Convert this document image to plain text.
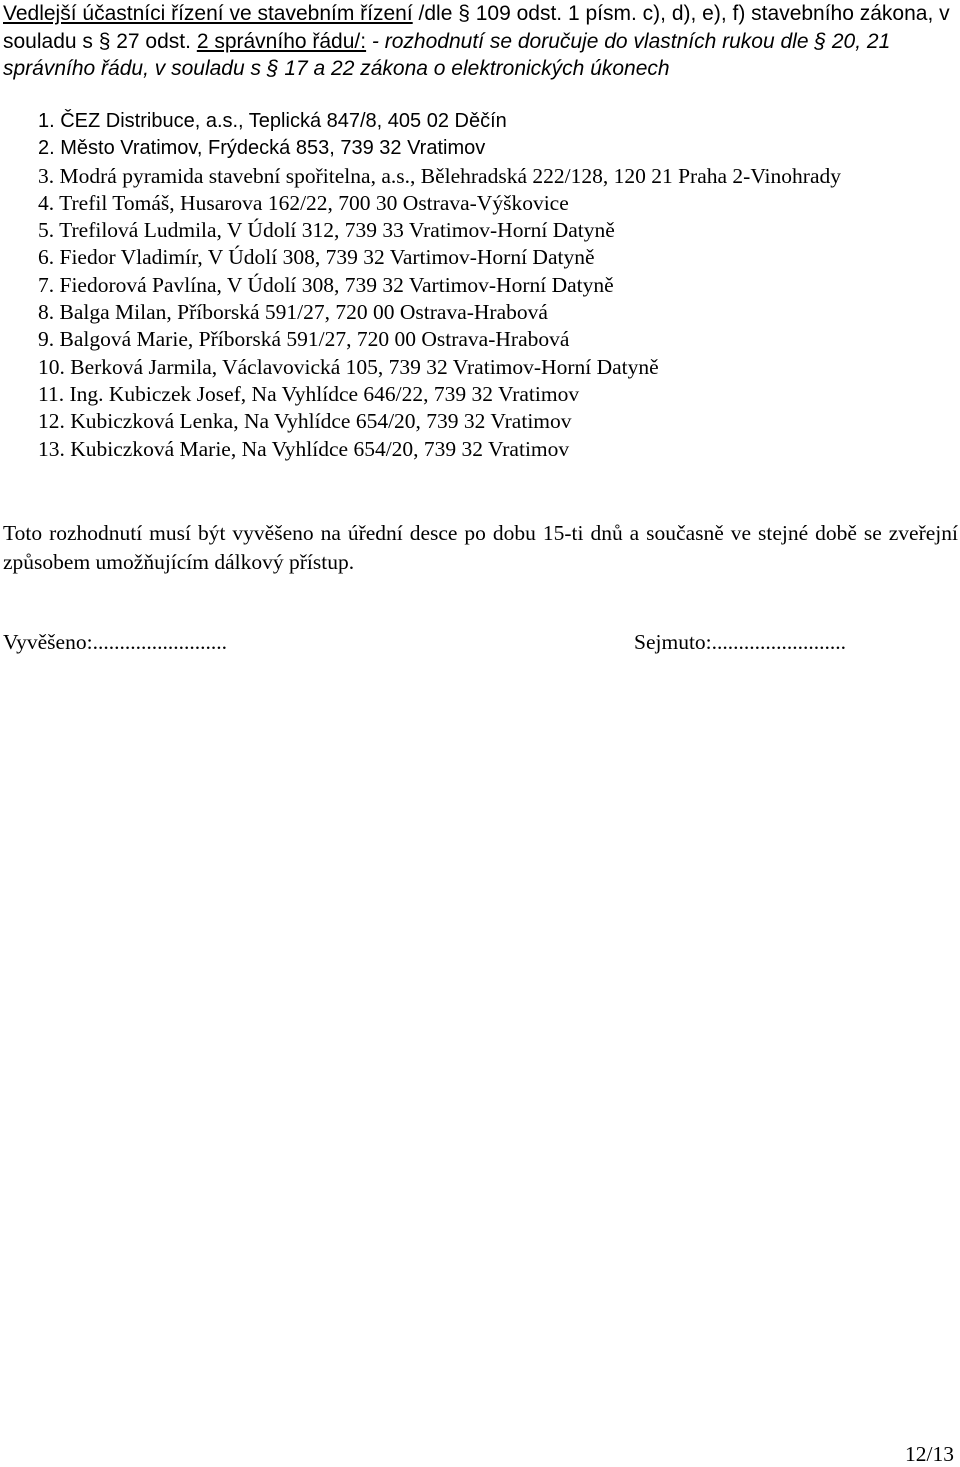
Vedlejší účastníci řízení ve stavebním řízení /dle § 109 odst. 1 písm. c), d), e), f) stavebního zákona, v souladu s § 27 odst. 2 správního řádu/: - rozhodnutí se doručuje do vlastních rukou dle § 20, 21 správního řádu, v souladu s § 17 a 22 zákona o elektronických úkonech
1. ČEZ Distribuce, a.s., Teplická 847/8, 405 02 Děčín
2. Město Vratimov, Frýdecká 853, 739 32 Vratimov
3. Modrá pyramida stavební spořitelna, a.s., Bělehradská 222/128, 120 21 Praha 2-Vinohrady
4. Trefil Tomáš, Husarova 162/22, 700 30 Ostrava-Výškovice
5. Trefilová Ludmila, V Údolí 312, 739 33 Vratimov-Horní Datyně
6. Fiedor Vladimír, V Údolí 308, 739 32 Vartimov-Horní Datyně
7. Fiedorová Pavlína, V Údolí 308, 739 32 Vartimov-Horní Datyně
8. Balga Milan, Příborská 591/27, 720 00 Ostrava-Hrabová
9. Balgová Marie, Příborská 591/27, 720 00 Ostrava-Hrabová
10. Berková Jarmila, Václavovická 105, 739 32 Vratimov-Horní Datyně
11. Ing. Kubiczek Josef, Na Vyhlídce 646/22, 739 32 Vratimov
12. Kubiczková Lenka, Na Vyhlídce 654/20, 739 32 Vratimov
13. Kubiczková Marie, Na Vyhlídce 654/20, 739 32 Vratimov
Toto rozhodnutí musí být vyvěšeno na úřední desce po dobu 15-ti dnů a současně ve stejné době se zveřejní způsobem umožňujícím dálkový přístup.
Vyvěšeno:.........................	Sejmuto:.........................
12/13
